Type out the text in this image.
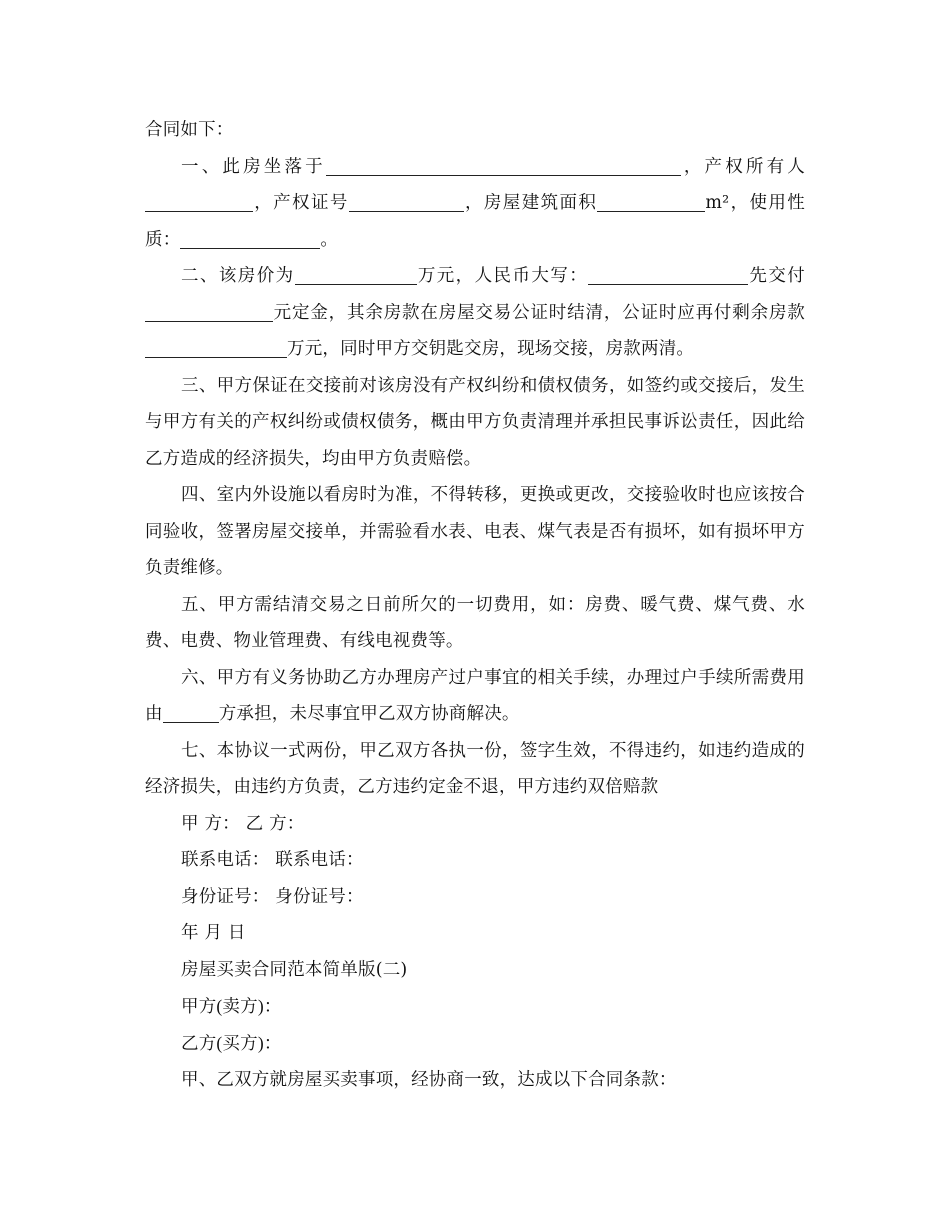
合同如下：

一、此房坐落于	，产权所有人，产权证号	，房屋建筑面积	m²，使用性质：	。

二、该房价为	万元，人民币大写：	先交付元定金，其余房款在房屋交易公证时结清，公证时应再付剩余房款万元，同时甲方交钥匙交房，现场交接，房款两清。

三、甲方保证在交接前对该房没有产权纠纷和债权债务，如签约或交接后，发生与甲方有关的产权纠纷或债权债务，概由甲方负责清理并承担民事诉讼责任，因此给乙方造成的经济损失，均由甲方负责赔偿。

四、室内外设施以看房时为准，不得转移，更换或更改，交接验收时也应该按合同验收，签署房屋交接单，并需验看水表、电表、煤气表是否有损坏，如有损坏甲方负责维修。

五、甲方需结清交易之日前所欠的一切费用，如：房费、暖气费、煤气费、水费、电费、物业管理费、有线电视费等。

六、甲方有义务协助乙方办理房产过户事宜的相关手续，办理过户手续所需费用由	方承担，未尽事宜甲乙双方协商解决。

七、本协议一式两份，甲乙双方各执一份，签字生效，不得违约，如违约造成的经济损失，由违约方负责，乙方违约定金不退，甲方违约双倍赔款

甲 方： 乙 方：

联系电话： 联系电话：

身份证号： 身份证号：

年 月 日

房屋买卖合同范本简单版(二)

甲方(卖方)：

乙方(买方)：

甲、乙双方就房屋买卖事项，经协商一致，达成以下合同条款：
